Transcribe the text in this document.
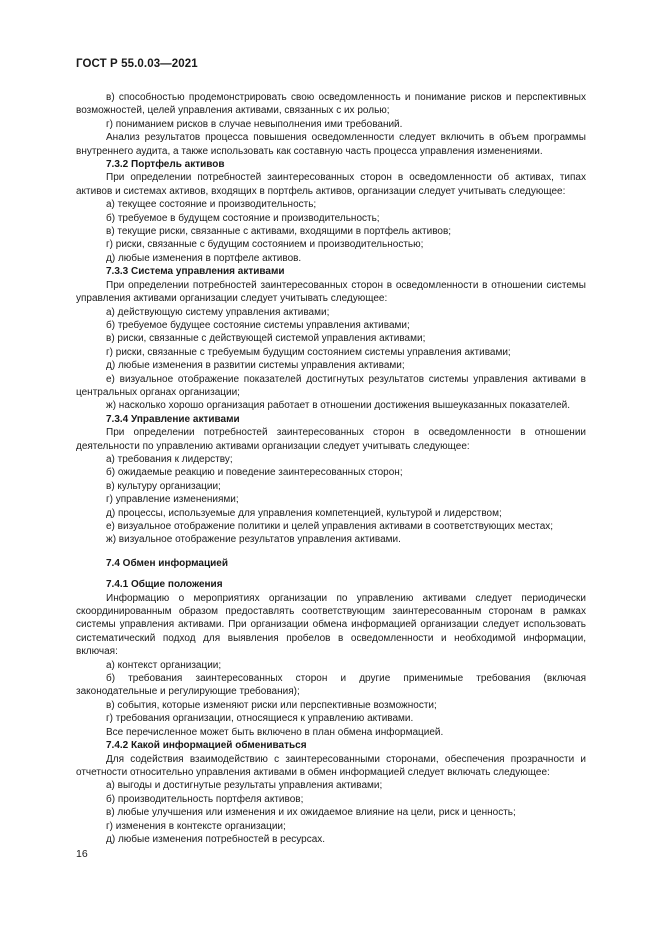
ГОСТ Р 55.0.03—2021

в) способностью продемонстрировать свою осведомленность и понимание рисков и перспективных возможностей, целей управления активами, связанных с их ролью;

г) пониманием рисков в случае невыполнения ими требований.

Анализ результатов процесса повышения осведомленности следует включить в объем программы внутреннего аудита, а также использовать как составную часть процесса управления изменениями.

7.3.2 Портфель активов

При определении потребностей заинтересованных сторон в осведомленности об активах, типах активов и системах активов, входящих в портфель активов, организации следует учитывать следующее:

а) текущее состояние и производительность;

б) требуемое в будущем состояние и производительность;

в) текущие риски, связанные с активами, входящими в портфель активов;

г) риски, связанные с будущим состоянием и производительностью;

д) любые изменения в портфеле активов.

7.3.3 Система управления активами

При определении потребностей заинтересованных сторон в осведомленности в отношении системы управления активами организации следует учитывать следующее:

а) действующую систему управления активами;

б) требуемое будущее состояние системы управления активами;

в) риски, связанные с действующей системой управления активами;

г) риски, связанные с требуемым будущим состоянием системы управления активами;

д) любые изменения в развитии системы управления активами;

е) визуальное отображение показателей достигнутых результатов системы управления активами в центральных органах организации;

ж) насколько хорошо организация работает в отношении достижения вышеуказанных показателей.

7.3.4 Управление активами

При определении потребностей заинтересованных сторон в осведомленности в отношении деятельности по управлению активами организации следует учитывать следующее:

а) требования к лидерству;

б) ожидаемые реакцию и поведение заинтересованных сторон;

в) культуру организации;

г) управление изменениями;

д) процессы, используемые для управления компетенцией, культурой и лидерством;

е) визуальное отображение политики и целей управления активами в соответствующих местах;

ж) визуальное отображение результатов управления активами.

7.4 Обмен информацией

7.4.1 Общие положения

Информацию о мероприятиях организации по управлению активами следует периодически скоординированным образом предоставлять соответствующим заинтересованным сторонам в рамках системы управления активами. При организации обмена информацией организации следует использовать систематический подход для выявления пробелов в осведомленности и необходимой информации, включая:

а) контекст организации;

б) требования заинтересованных сторон и другие применимые требования (включая законодательные и регулирующие требования);

в) события, которые изменяют риски или перспективные возможности;

г) требования организации, относящиеся к управлению активами.

Все перечисленное может быть включено в план обмена информацией.

7.4.2 Какой информацией обмениваться

Для содействия взаимодействию с заинтересованными сторонами, обеспечения прозрачности и отчетности относительно управления активами в обмен информацией следует включать следующее:

а) выгоды и достигнутые результаты управления активами;

б) производительность портфеля активов;

в) любые улучшения или изменения и их ожидаемое влияние на цели, риск и ценность;

г) изменения в контексте организации;

д) любые изменения потребностей в ресурсах.

16
